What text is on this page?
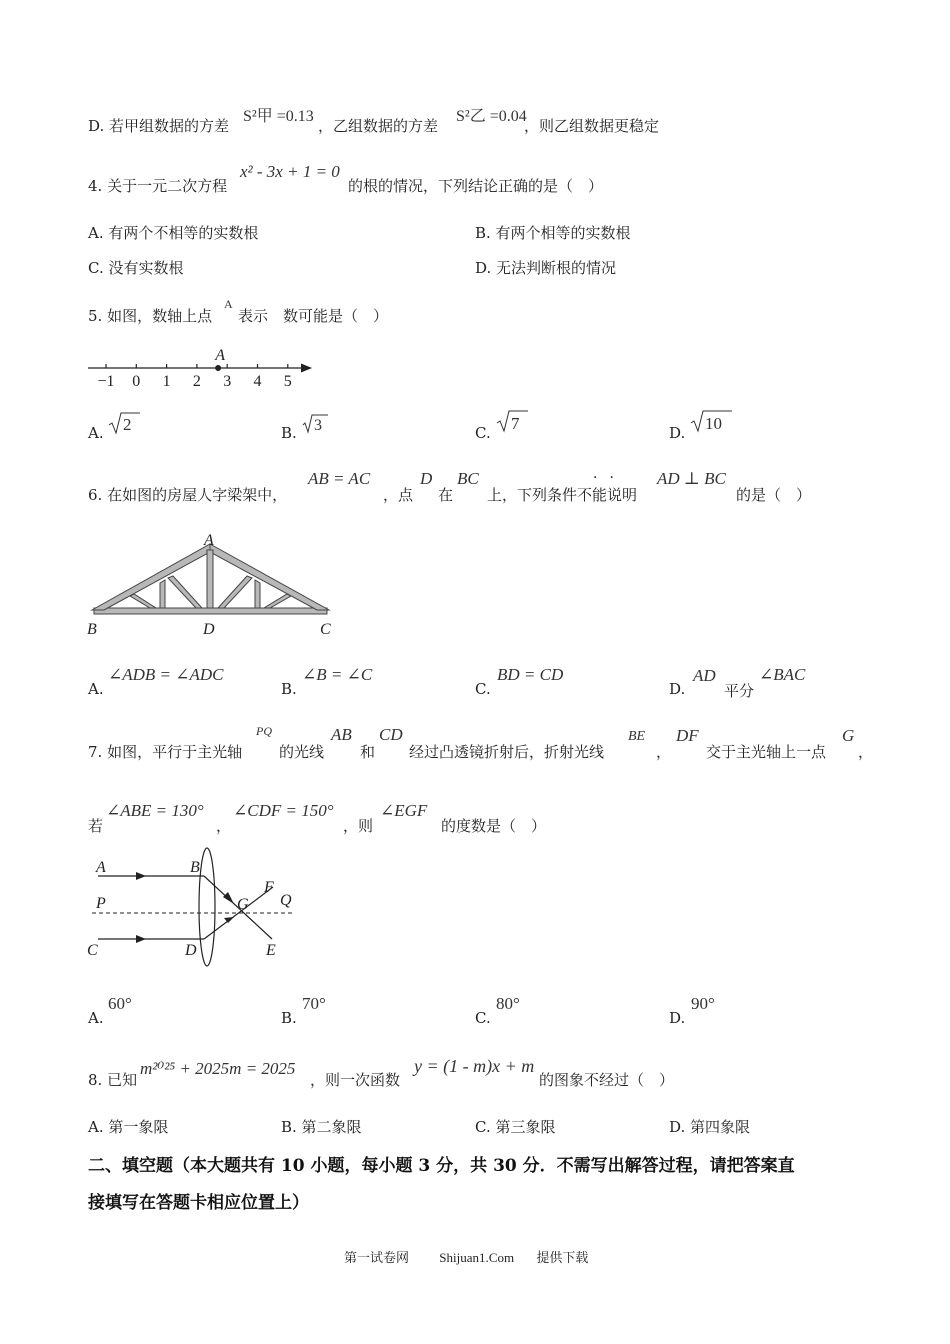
D. 若甲组数据的方差
S²甲 =0.13
，乙组数据的方差
S²乙 =0.04
，则乙组数据更稳定
4. 关于一元二次方程
x² - 3x + 1 = 0
的根的情况，下列结论正确的是（　）
A. 有两个不相等的实数根	B. 有两个相等的实数根
C. 没有实数根	D. 无法判断根的情况
5. 如图，数轴上点
A
表示　数可能是（　）
−1 0 1 2 3 4 5
A
A.	B.	C.	D.
2	3	7	10
6. 在如图的房屋人字梁架中，
AB = AC
，点
D
在
BC
上，下列条件不能说明
·· AD ⊥ BC
的是（　）
A
B	D	C
A.
∠ADB = ∠ADC
B.
∠B = ∠C
C.
BD = CD
D.
AD
平分
∠BAC
7. 如图，平行于主光轴
PQ
的光线
AB
和
CD
经过凸透镜折射后，折射光线
BE
，
DF
交于主光轴上一点
G
，
若
∠ABE = 130°
，
∠CDF = 150°
，则
∠EGF
的度数是（　）
A	B
P	G
F
Q
C	D	E
A.
60°
B.
70°
C.
80°
D.
90°
8. 已知
m²⁰²⁵ + 2025m = 2025
，则一次函数
y = (1 - m)x + m
的图象不经过（　）
A. 第一象限	B. 第二象限	C. 第三象限	D. 第四象限
二、填空题（本大题共有 10 小题，每小题 3 分，共 30 分．不需写出解答过程，请把答案直
接填写在答题卡相应位置上）
第一试卷网 Shijuan1.Com 提供下载
